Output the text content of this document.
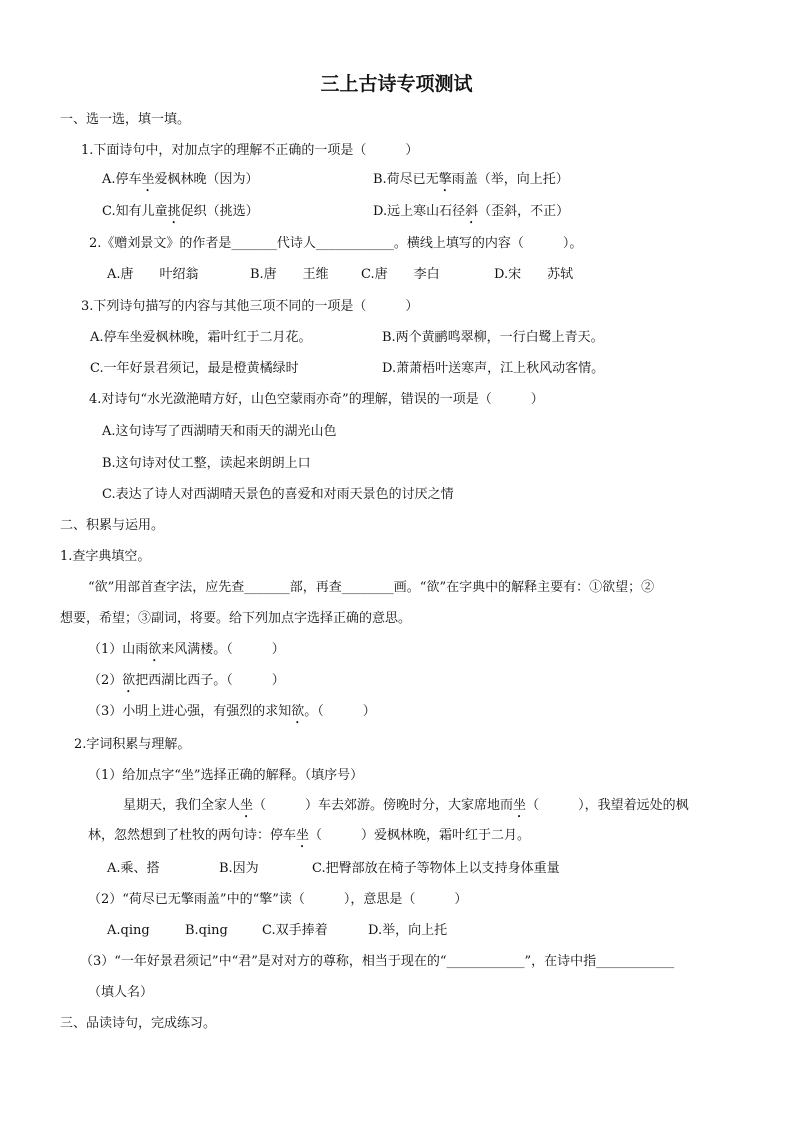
三上古诗专项测试

一、选一选，填一填。

1.下面诗句中，对加点字的理解不正确的一项是（　　　）

A.停车坐爱枫林晚（因为）	B.荷尽已无擎雨盖（举，向上托）

C.知有儿童挑促织（挑选）	D.远上寒山石径斜（歪斜，不正）

2.《赠刘景文》的作者是_______代诗人____________。横线上填写的内容（　　　）。

A.唐　　叶绍翁	B.唐　　王维 C.唐　　李白	D.宋　　苏轼

3.下列诗句描写的内容与其他三项不同的一项是（　　　）

A.停车坐爱枫林晚，霜叶红于二月花。	B.两个黄鹂鸣翠柳，一行白鹭上青天。

C.一年好景君须记，最是橙黄橘绿时	D.萧萧梧叶送寒声，江上秋风动客情。

4.对诗句“水光潋滟晴方好，山色空蒙雨亦奇”的理解，错误的一项是（　　　）

A.这句诗写了西湖晴天和雨天的湖光山色

B.这句诗对仗工整，读起来朗朗上口

C.表达了诗人对西湖晴天景色的喜爱和对雨天景色的讨厌之情

二、积累与运用。

1.查字典填空。

“欲”用部首查字法，应先查_______部，再查________画。“欲”在字典中的解释主要有：①欲望；②

想要，希望；③副词，将要。给下列加点字选择正确的意思。

（1）山雨欲来风满楼。（　　　）

（2）欲把西湖比西子。（　　　）

（3）小明上进心强，有强烈的求知欲。（　　　）

2.字词积累与理解。

（1）给加点字“坐”选择正确的解释。（填序号）

星期天，我们全家人坐（　　　）车去郊游。傍晚时分，大家席地而坐（　　　），我望着远处的枫

林，忽然想到了杜牧的两句诗：停车坐（　　　）爱枫林晚，霜叶红于二月。

A.乘、搭	B.因为	C.把臀部放在椅子等物体上以支持身体重量

（2）“荷尽已无擎雨盖”中的“擎”读（　　　），意思是（　　　）

A.qing	B.qing	C.双手捧着	D.举，向上托

（3）“一年好景君须记”中“君”是对对方的尊称，相当于现在的“____________”，在诗中指____________

（填人名）

三、品读诗句，完成练习。
